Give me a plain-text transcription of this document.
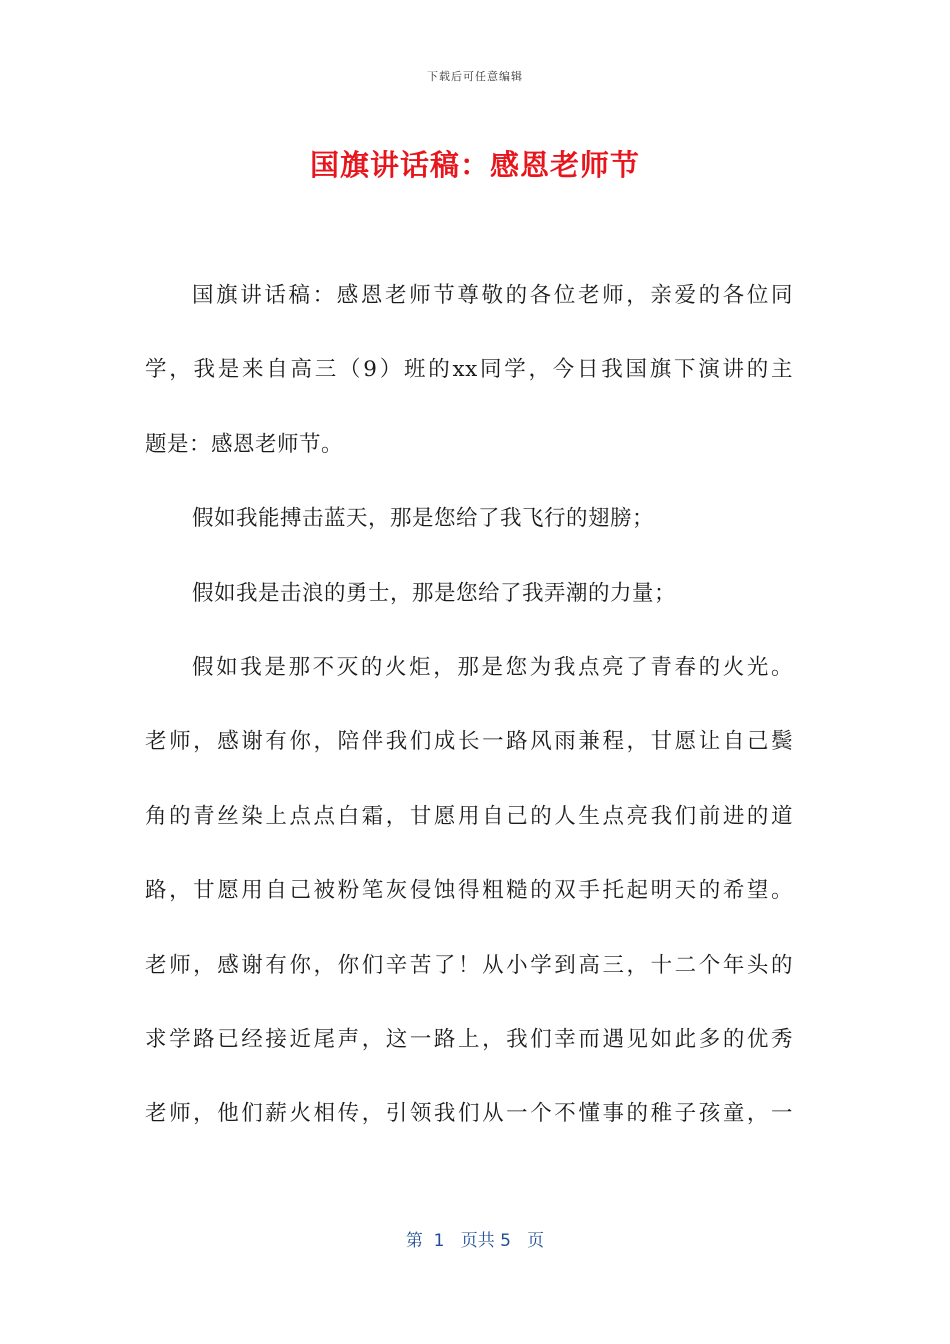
下载后可任意编辑
国旗讲话稿：感恩老师节
国旗讲话稿：感恩老师节尊敬的各位老师，亲爱的各位同
学，我是来自高三（9）班的xx同学，今日我国旗下演讲的主
题是：感恩老师节。
假如我能搏击蓝天，那是您给了我飞行的翅膀；
假如我是击浪的勇士，那是您给了我弄潮的力量；
假如我是那不灭的火炬，那是您为我点亮了青春的火光。
老师，感谢有你，陪伴我们成长一路风雨兼程，甘愿让自己鬓
角的青丝染上点点白霜，甘愿用自己的人生点亮我们前进的道
路，甘愿用自己被粉笔灰侵蚀得粗糙的双手托起明天的希望。
老师，感谢有你，你们辛苦了！从小学到高三，十二个年头的
求学路已经接近尾声，这一路上，我们幸而遇见如此多的优秀
老师，他们薪火相传，引领我们从一个不懂事的稚子孩童，一
第  1   页共 5   页
